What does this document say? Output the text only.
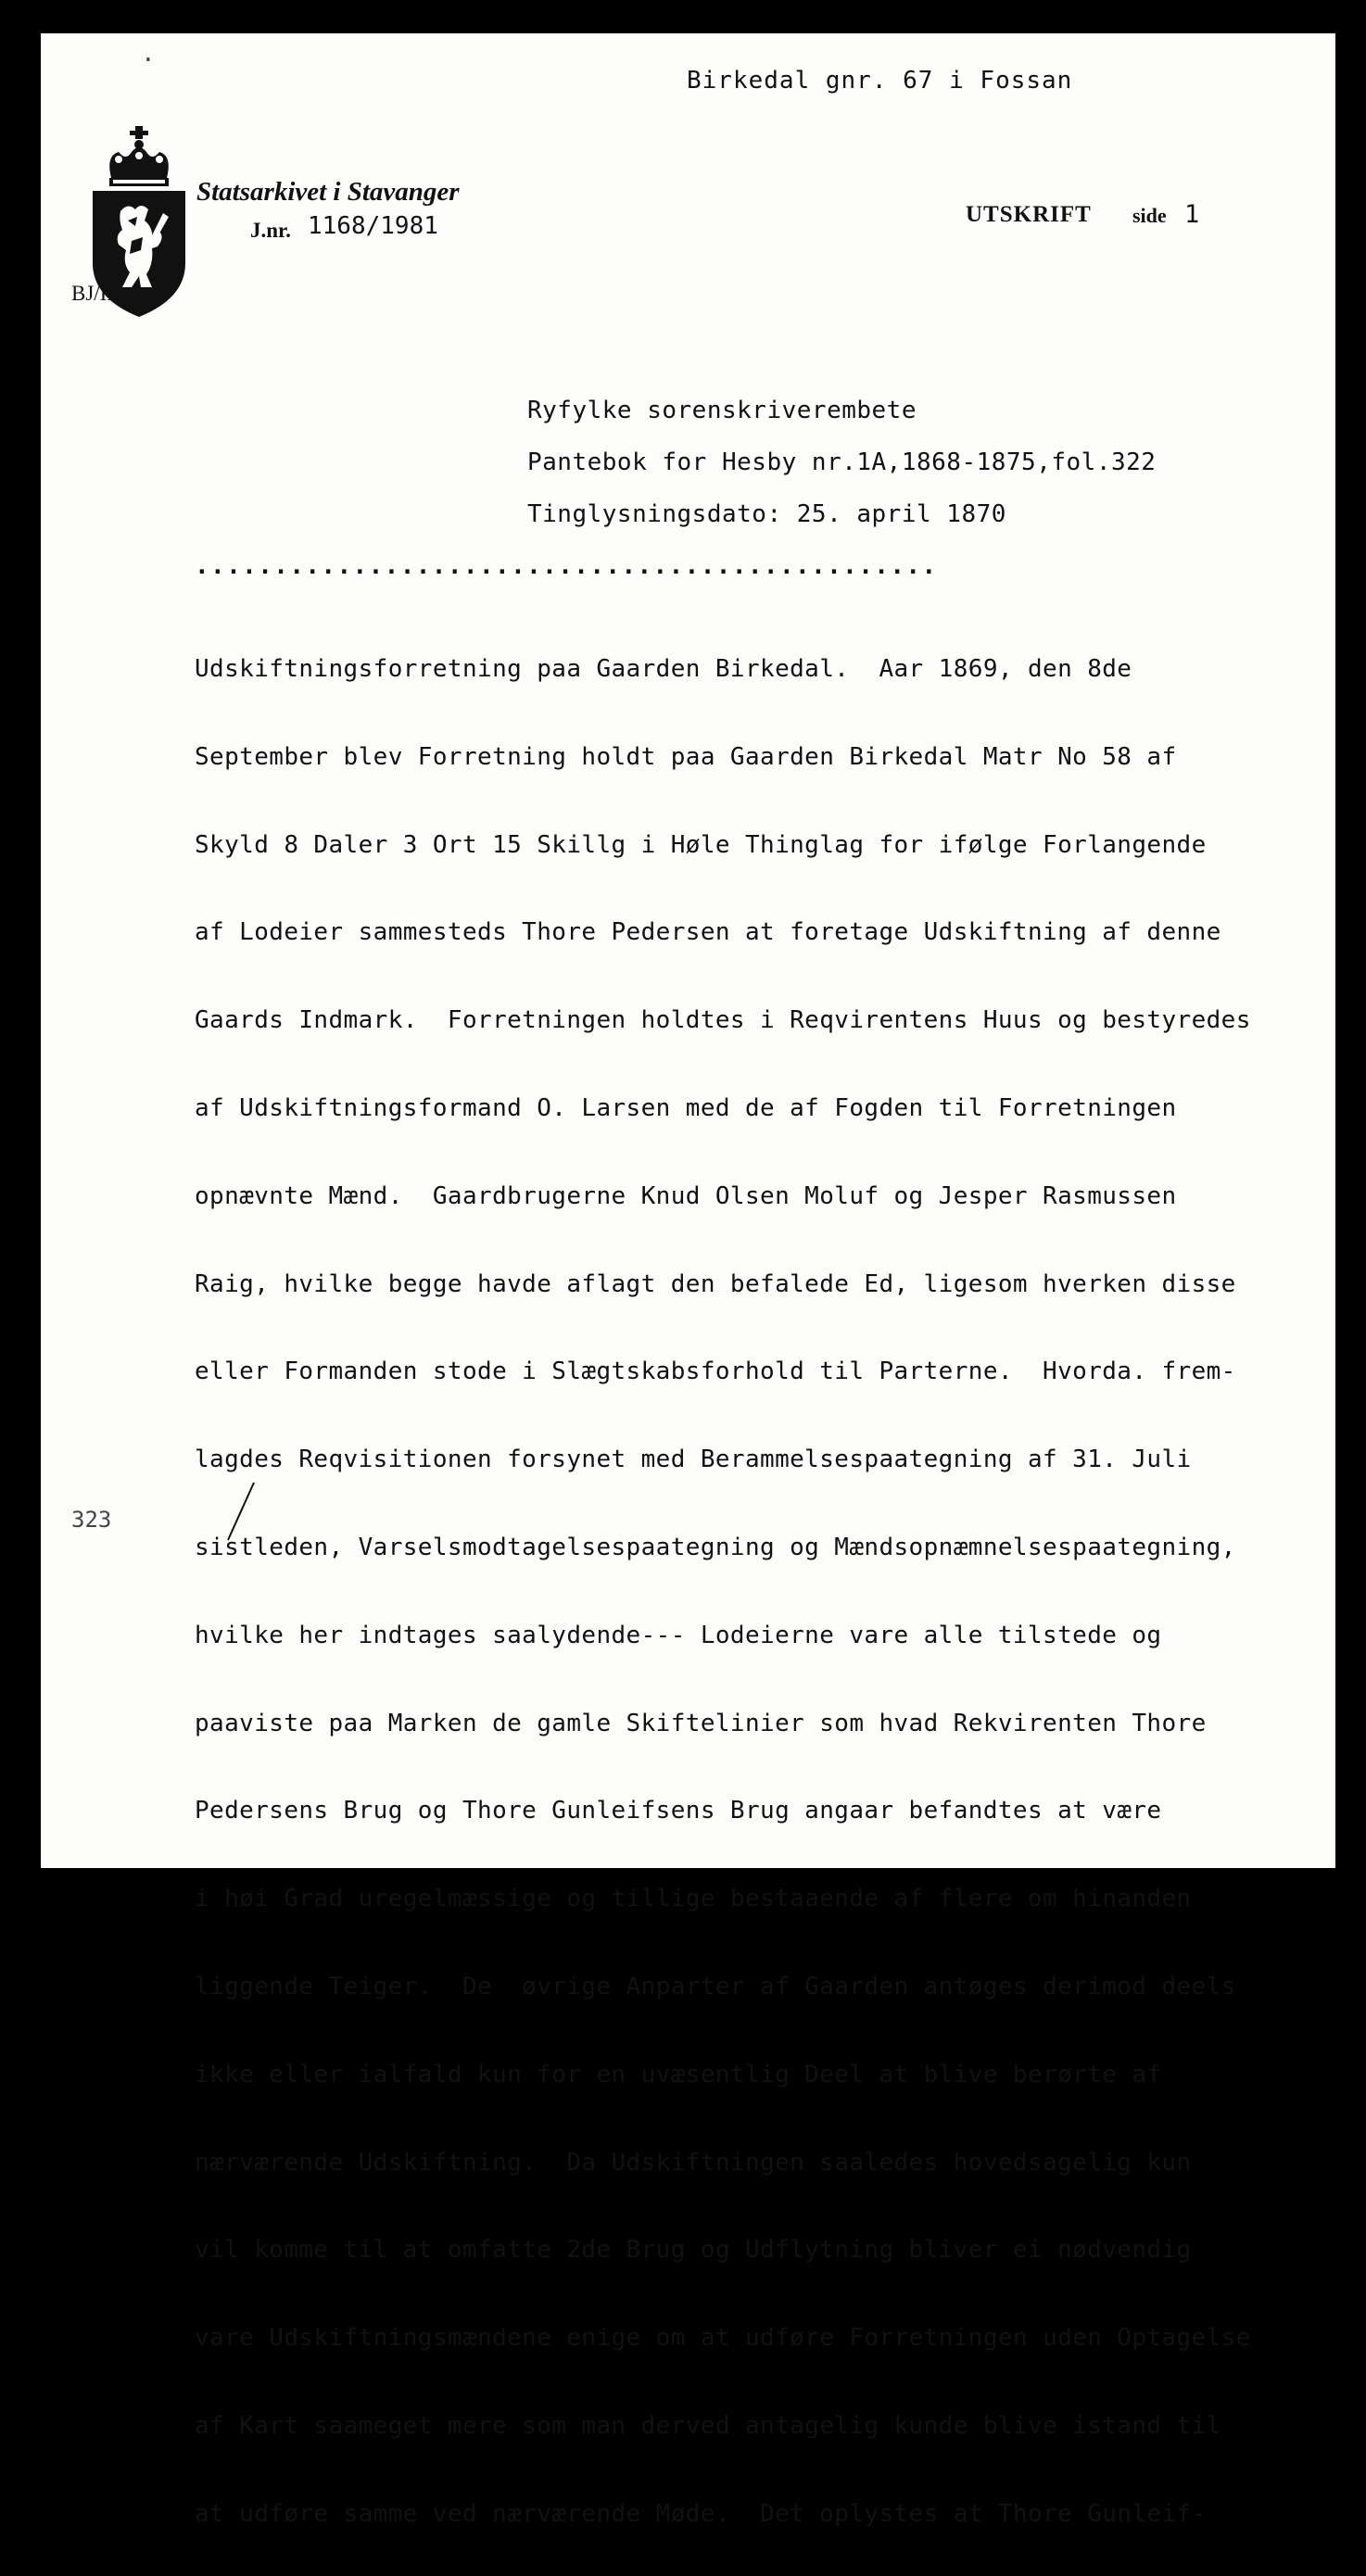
·
Birkedal gnr. 67 i Fossan
Statsarkivet i Stavanger
J.nr. 1168/1981
BJ/IH
UTSKRIFT side 1
Ryfylke sorenskriverembete
Pantebok for Hesby nr.1A,1868-1875,fol.322
Tinglysningsdato: 25. april 1870
...............................................

Udskiftningsforretning paa Gaarden Birkedal.  Aar 1869, den 8de

September blev Forretning holdt paa Gaarden Birkedal Matr No 58 af

Skyld 8 Daler 3 Ort 15 Skillg i Høle Thinglag for ifølge Forlangende

af Lodeier sammesteds Thore Pedersen at foretage Udskiftning af denne

Gaards Indmark.  Forretningen holdtes i Reqvirentens Huus og bestyredes

af Udskiftningsformand O. Larsen med de af Fogden til Forretningen

opnævnte Mænd.  Gaardbrugerne Knud Olsen Moluf og Jesper Rasmussen

Raig, hvilke begge havde aflagt den befalede Ed, ligesom hverken disse

eller Formanden stode i Slægtskabsforhold til Parterne.  Hvorda. frem-

lagdes Reqvisitionen forsynet med Berammelsespaategning af 31. Juli

sistleden, Varselsmodtagelsespaategning og Mændsopnæmnelsespaategning,

hvilke her indtages saalydende--- Lodeierne vare alle tilstede og

paaviste paa Marken de gamle Skiftelinier som hvad Rekvirenten Thore

Pedersens Brug og Thore Gunleifsens Brug angaar befandtes at være

i høi Grad uregelmæssige og tillige bestaaende af flere om hinanden

liggende Teiger.  De  øvrige Anparter af Gaarden antøges derimod deels

ikke eller ialfald kun for en uvæsentlig Deel at blive berørte af

nærværende Udskiftning.  Da Udskiftningen saaledes hovedsagelig kun

vil komme til at omfatte 2de Brug og Udflytning bliver ei nødvendig

vare Udskiftningsmændene enige om at udføre Forretningen uden Optagelse

af Kart saameget mere som man derved antagelig kunde blive istand til

at udføre samme ved nærværende Møde.  Det oplystes at Thore Gunleif-

323
